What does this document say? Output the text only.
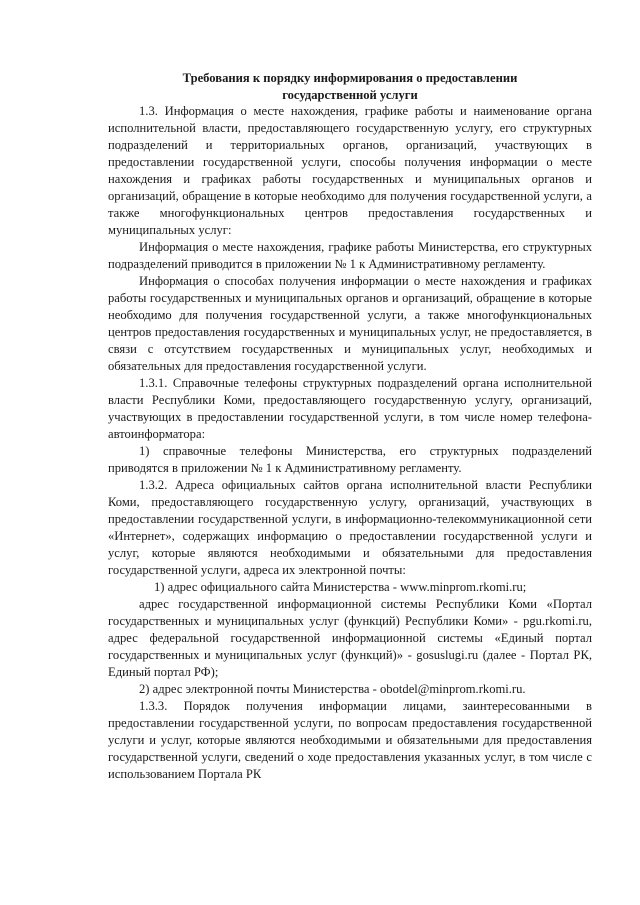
Требования к порядку информирования о предоставлении
государственной услуги

1.3. Информация о месте нахождения, графике работы и наименование органа исполнительной власти, предоставляющего государственную услугу, его структурных подразделений и территориальных органов, организаций, участвующих в предоставлении государственной услуги, способы получения информации о месте нахождения и графиках работы государственных и муниципальных органов и организаций, обращение в которые необходимо для получения государственной услуги, а также многофункциональных центров предоставления государственных и муниципальных услуг:

Информация о месте нахождения, графике работы Министерства, его структурных подразделений приводится в приложении № 1 к Административному регламенту.

Информация о способах получения информации о месте нахождения и графиках работы государственных и муниципальных органов и организаций, обращение в которые необходимо для получения государственной услуги, а также многофункциональных центров предоставления государственных и муниципальных услуг, не предоставляется, в связи с отсутствием государственных и муниципальных услуг, необходимых и обязательных для предоставления государственной услуги.

1.3.1. Справочные телефоны структурных подразделений органа исполнительной власти Республики Коми, предоставляющего государственную услугу, организаций, участвующих в предоставлении государственной услуги, в том числе номер телефона-автоинформатора:

1) справочные телефоны Министерства, его структурных подразделений приводятся в приложении № 1 к Административному регламенту.

1.3.2. Адреса официальных сайтов органа исполнительной власти Республики Коми, предоставляющего государственную услугу, организаций, участвующих в предоставлении государственной услуги, в информационно-телекоммуникационной сети «Интернет», содержащих информацию о предоставлении государственной услуги и услуг, которые являются необходимыми и обязательными для предоставления государственной услуги, адреса их электронной почты:

1) адрес официального сайта Министерства - www.minprom.rkomi.ru;

адрес государственной информационной системы Республики Коми «Портал государственных и муниципальных услуг (функций) Республики Коми» - pgu.rkomi.ru, адрес федеральной государственной информационной системы «Единый портал государственных и муниципальных услуг (функций)» - gosuslugi.ru (далее - Портал РК, Единый портал РФ);

2) адрес электронной почты Министерства - obotdel@minprom.rkomi.ru.

1.3.3. Порядок получения информации лицами, заинтересованными в предоставлении государственной услуги, по вопросам предоставления государственной услуги и услуг, которые являются необходимыми и обязательными для предоставления государственной услуги, сведений о ходе предоставления указанных услуг, в том числе с использованием Портала РК
